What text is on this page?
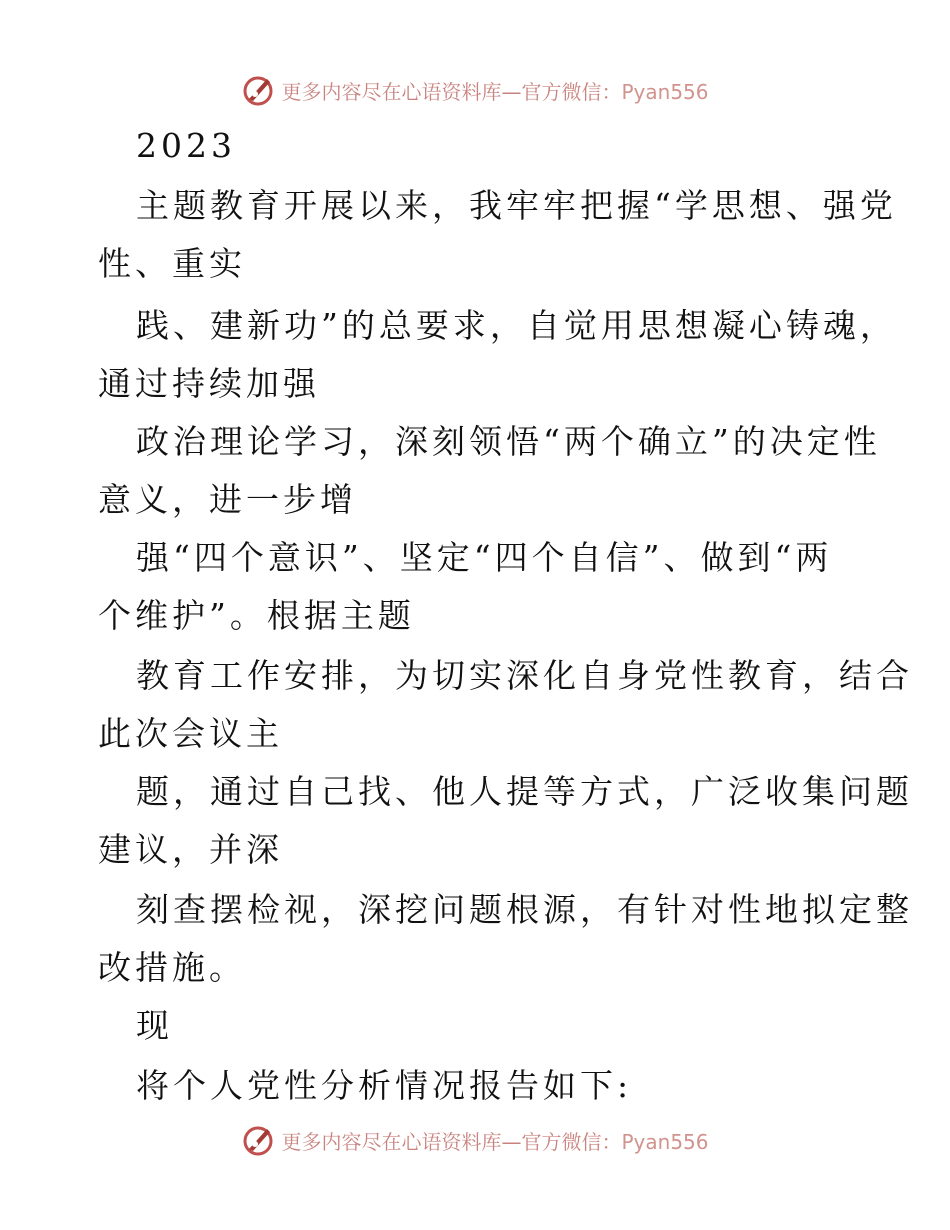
更多内容尽在心语资料库—官方微信：Pyan556
2023
主题教育开展以来，我牢牢把握“学思想、强党
性、重实
践、建新功”的总要求，自觉用思想凝心铸魂，
通过持续加强
政治理论学习，深刻领悟“两个确立”的决定性
意义，进一步增
强“四个意识”、坚定“四个自信”、做到“两
个维护”。根据主题
教育工作安排，为切实深化自身党性教育，结合
此次会议主
题，通过自己找、他人提等方式，广泛收集问题
建议，并深
刻查摆检视，深挖问题根源，有针对性地拟定整
改措施。
现
将个人党性分析情况报告如下:
更多内容尽在心语资料库—官方微信：Pyan556
